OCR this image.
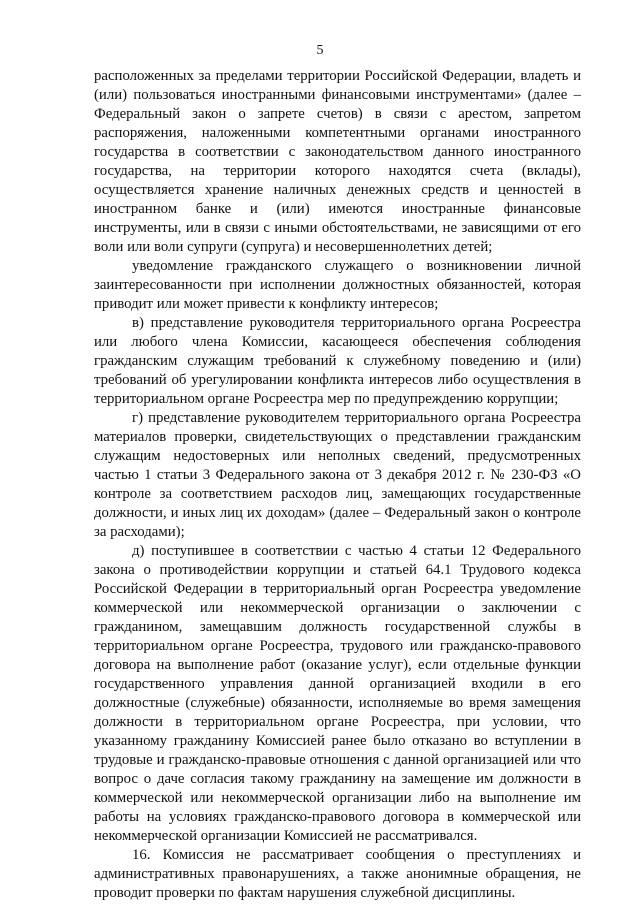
5

расположенных за пределами территории Российской Федерации, владеть и (или) пользоваться иностранными финансовыми инструментами» (далее – Федеральный закон о запрете счетов) в связи с арестом, запретом распоряжения, наложенными компетентными органами иностранного государства в соответствии с законодательством данного иностранного государства, на территории которого находятся счета (вклады), осуществляется хранение наличных денежных средств и ценностей в иностранном банке и (или) имеются иностранные финансовые инструменты, или в связи с иными обстоятельствами, не зависящими от его воли или воли супруги (супруга) и несовершеннолетних детей;

уведомление гражданского служащего о возникновении личной заинтересованности при исполнении должностных обязанностей, которая приводит или может привести к конфликту интересов;

в) представление руководителя территориального органа Росреестра или любого члена Комиссии, касающееся обеспечения соблюдения гражданским служащим требований к служебному поведению и (или) требований об урегулировании конфликта интересов либо осуществления в территориальном органе Росреестра мер по предупреждению коррупции;

г) представление руководителем территориального органа Росреестра материалов проверки, свидетельствующих о представлении гражданским служащим недостоверных или неполных сведений, предусмотренных частью 1 статьи 3 Федерального закона от 3 декабря 2012 г. № 230-ФЗ «О контроле за соответствием расходов лиц, замещающих государственные должности, и иных лиц их доходам» (далее – Федеральный закон о контроле за расходами);

д) поступившее в соответствии с частью 4 статьи 12 Федерального закона о противодействии коррупции и статьей 64.1 Трудового кодекса Российской Федерации в территориальный орган Росреестра уведомление коммерческой или некоммерческой организации о заключении с гражданином, замещавшим должность государственной службы в территориальном органе Росреестра, трудового или гражданско-правового договора на выполнение работ (оказание услуг), если отдельные функции государственного управления данной организацией входили в его должностные (служебные) обязанности, исполняемые во время замещения должности в территориальном органе Росреестра, при условии, что указанному гражданину Комиссией ранее было отказано во вступлении в трудовые и гражданско-правовые отношения с данной организацией или что вопрос о даче согласия такому гражданину на замещение им должности в коммерческой или некоммерческой организации либо на выполнение им работы на условиях гражданско-правового договора в коммерческой или некоммерческой организации Комиссией не рассматривался.

16. Комиссия не рассматривает сообщения о преступлениях и административных правонарушениях, а также анонимные обращения, не проводит проверки по фактам нарушения служебной дисциплины.
